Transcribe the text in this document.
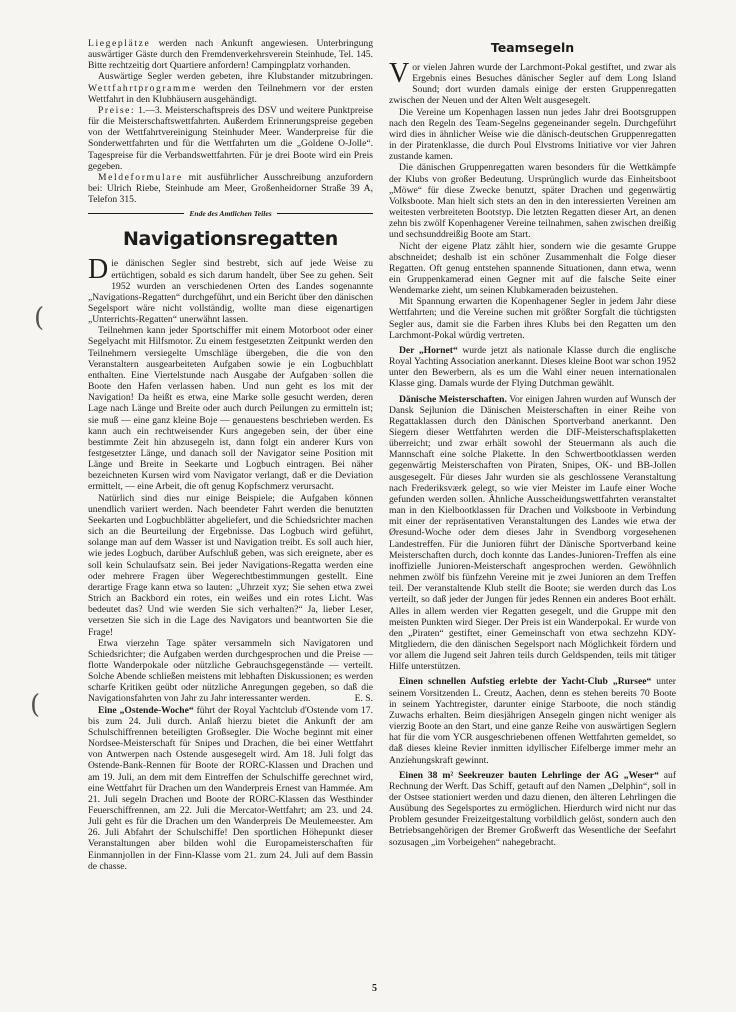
(
(

Liegeplätze werden nach Ankunft angewiesen. Unterbringung auswärtiger Gäste durch den Fremdenverkehrsverein Steinhude, Tel. 145. Bitte rechtzeitig dort Quartiere anfordern! Campingplatz vorhanden.

Auswärtige Segler werden gebeten, ihre Klubstander mitzubringen. Wettfahrtprogramme werden den Teilnehmern vor der ersten Wettfahrt in den Klubhäusern ausgehändigt.

Preise: 1.—3. Meisterschaftspreis des DSV und weitere Punktpreise für die Meisterschaftswettfahrten. Außerdem Erinnerungspreise gegeben von der Wettfahrtvereinigung Steinhuder Meer. Wanderpreise für die Sonderwettfahrten und für die Wettfahrten um die „Goldene O-Jolle“. Tagespreise für die Verbandswettfahrten. Für je drei Boote wird ein Preis gegeben.

Meldeformulare mit ausführlicher Ausschreibung anzufordern bei: Ulrich Riebe, Steinhude am Meer, Großenheidorner Straße 39 A, Telefon 315.

Ende des Amtlichen Teiles
Navigationsregatten

Die dänischen Segler sind bestrebt, sich auf jede Weise zu ertüchtigen, sobald es sich darum handelt, über See zu gehen. Seit 1952 wurden an verschiedenen Orten des Landes sogenannte „Navigations-Regatten“ durchgeführt, und ein Bericht über den dänischen Segelsport wäre nicht vollständig, wollte man diese eigenartigen „Unterrichts-Regatten“ unerwähnt lassen.

Teilnehmen kann jeder Sportschiffer mit einem Motorboot oder einer Segelyacht mit Hilfsmotor. Zu einem festgesetzten Zeitpunkt werden den Teilnehmern versiegelte Umschläge übergeben, die die von den Veranstaltern ausgearbeiteten Aufgaben sowie je ein Logbuchblatt enthalten. Eine Viertelstunde nach Ausgabe der Aufgaben sollen die Boote den Hafen verlassen haben. Und nun geht es los mit der Navigation! Da heißt es etwa, eine Marke solle gesucht werden, deren Lage nach Länge und Breite oder auch durch Peilungen zu ermitteln ist; sie muß — eine ganz kleine Boje — genauestens beschrieben werden. Es kann auch ein rechtweisender Kurs angegeben sein, der über eine bestimmte Zeit hin abzusegeln ist, dann folgt ein anderer Kurs von festgesetzter Länge, und danach soll der Navigator seine Position mit Länge und Breite in Seekarte und Logbuch eintragen. Bei näher bezeichneten Kursen wird vom Navigator verlangt, daß er die Deviation ermittelt, — eine Arbeit, die oft genug Kopfschmerz verursacht.

Natürlich sind dies nur einige Beispiele; die Aufgaben können unendlich variiert werden. Nach beendeter Fahrt werden die benutzten Seekarten und Logbuchblätter abgeliefert, und die Schiedsrichter machen sich an die Beurteilung der Ergebnisse. Das Logbuch wird geführt, solange man auf dem Wasser ist und Navigation treibt. Es soll auch hier, wie jedes Logbuch, darüber Aufschluß geben, was sich ereignete, aber es soll kein Schulaufsatz sein. Bei jeder Navigations-Regatta werden eine oder mehrere Fragen über Wegerechtbestimmungen gestellt. Eine derartige Frage kann etwa so lauten: „Uhrzeit xyz; Sie sehen etwa zwei Strich an Backbord ein rotes, ein weißes und ein rotes Licht. Was bedeutet das? Und wie werden Sie sich verhalten?“ Ja, lieber Leser, versetzen Sie sich in die Lage des Navigators und beantworten Sie die Frage!

Etwa vierzehn Tage später versammeln sich Navigatoren und Schiedsrichter; die Aufgaben werden durchgesprochen und die Preise — flotte Wanderpokale oder nützliche Gebrauchsgegenstände — verteilt. Solche Abende schließen meistens mit lebhaften Diskussionen; es werden scharfe Kritiken geübt oder nützliche Anregungen gegeben, so daß die Navigationsfahrten von Jahr zu Jahr interessanter werden.	E. S.

Eine „Ostende-Woche“ führt der Royal Yachtclub d'Ostende vom 17. bis zum 24. Juli durch. Anlaß hierzu bietet die Ankunft der am Schulschiffrennen beteiligten Großsegler. Die Woche beginnt mit einer Nordsee-Meisterschaft für Snipes und Drachen, die bei einer Wettfahrt von Antwerpen nach Ostende ausgesegelt wird. Am 18. Juli folgt das Ostende-Bank-Rennen für Boote der RORC-Klassen und Drachen und am 19. Juli, an dem mit dem Eintreffen der Schulschiffe gerechnet wird, eine Wettfahrt für Drachen um den Wanderpreis Ernest van Hammée. Am 21. Juli segeln Drachen und Boote der RORC-Klassen das Westhinder Feuerschiffrennen, am 22. Juli die Mercator-Wettfahrt; am 23. und 24. Juli geht es für die Drachen um den Wanderpreis De Meulemeester. Am 26. Juli Abfahrt der Schulschiffe! Den sportlichen Höhepunkt dieser Veranstaltungen aber bilden wohl die Europameisterschaften für Einmannjollen in der Finn-Klasse vom 21. zum 24. Juli auf dem Bassin de chasse.

Teamsegeln

Vor vielen Jahren wurde der Larchmont-Pokal gestiftet, und zwar als Ergebnis eines Besuches dänischer Segler auf dem Long Island Sound; dort wurden damals einige der ersten Gruppenregatten zwischen der Neuen und der Alten Welt ausgesegelt.

Die Vereine um Kopenhagen lassen nun jedes Jahr drei Bootsgruppen nach den Regeln des Team-Segelns gegeneinander segeln. Durchgeführt wird dies in ähnlicher Weise wie die dänisch-deutschen Gruppenregatten in der Piratenklasse, die durch Poul Elvstroms Initiative vor vier Jahren zustande kamen.

Die dänischen Gruppenregatten waren besonders für die Wettkämpfe der Klubs von großer Bedeutung. Ursprünglich wurde das Einheitsboot „Möwe“ für diese Zwecke benutzt, später Drachen und gegenwärtig Volksboote. Man hielt sich stets an den in den interessierten Vereinen am weitesten verbreiteten Bootstyp. Die letzten Regatten dieser Art, an denen zehn bis zwölf Kopenhagener Vereine teilnahmen, sahen zwischen dreißig und sechsunddreißig Boote am Start.

Nicht der eigene Platz zählt hier, sondern wie die gesamte Gruppe abschneidet; deshalb ist ein schöner Zusammenhalt die Folge dieser Regatten. Oft genug entstehen spannende Situationen, dann etwa, wenn ein Gruppenkamerad einen Gegner mit auf die falsche Seite einer Wendemarke zieht, um seinen Klubkameraden beizustehen.

Mit Spannung erwarten die Kopenhagener Segler in jedem Jahr diese Wettfahrten; und die Vereine suchen mit größter Sorgfalt die tüchtigsten Segler aus, damit sie die Farben ihres Klubs bei den Regatten um den Larchmont-Pokal würdig vertreten.

Der „Hornet“ wurde jetzt als nationale Klasse durch die englische Royal Yachting Association anerkannt. Dieses kleine Boot war schon 1952 unter den Bewerbern, als es um die Wahl einer neuen internationalen Klasse ging. Damals wurde der Flying Dutchman gewählt.

Dänische Meisterschaften. Vor einigen Jahren wurden auf Wunsch der Dansk Sejlunion die Dänischen Meisterschaften in einer Reihe von Regattaklassen durch den Dänischen Sportverband anerkannt. Den Siegern dieser Wettfahrten werden die DIF-Meisterschaftsplaketten überreicht; und zwar erhält sowohl der Steuermann als auch die Mannschaft eine solche Plakette. In den Schwertbootklassen werden gegenwärtig Meisterschaften von Piraten, Snipes, OK- und BB-Jollen ausgesegelt. Für dieses Jahr wurden sie als geschlossene Veranstaltung nach Frederiksværk gelegt, so wie vier Meister im Laufe einer Woche gefunden werden sollen. Ähnliche Ausscheidungswettfahrten veranstaltet man in den Kielbootklassen für Drachen und Volksboote in Verbindung mit einer der repräsentativen Veranstaltungen des Landes wie etwa der Øresund-Woche oder dem dieses Jahr in Svendborg vorgesehenen Landestreffen. Für die Junioren führt der Dänische Sportverband keine Meisterschaften durch, doch konnte das Landes-Junioren-Treffen als eine inoffizielle Junioren-Meisterschaft angesprochen werden. Gewöhnlich nehmen zwölf bis fünfzehn Vereine mit je zwei Junioren an dem Treffen teil. Der veranstaltende Klub stellt die Boote; sie werden durch das Los verteilt, so daß jeder der Jungen für jedes Rennen ein anderes Boot erhält. Alles in allem werden vier Regatten gesegelt, und die Gruppe mit den meisten Punkten wird Sieger. Der Preis ist ein Wanderpokal. Er wurde von den „Piraten“ gestiftet, einer Gemeinschaft von etwa sechzehn KDY-Mitgliedern, die den dänischen Segelsport nach Möglichkeit fördern und vor allem die Jugend seit Jahren teils durch Geldspenden, teils mit tätiger Hilfe unterstützen.

Einen schnellen Aufstieg erlebte der Yacht-Club „Rursee“ unter seinem Vorsitzenden L. Creutz, Aachen, denn es stehen bereits 70 Boote in seinem Yachtregister, darunter einige Starboote, die noch ständig Zuwachs erhalten. Beim diesjährigen Ansegeln gingen nicht weniger als vierzig Boote an den Start, und eine ganze Reihe von auswärtigen Seglern hat für die vom YCR ausgeschriebenen offenen Wettfahrten gemeldet, so daß dieses kleine Revier inmitten idyllischer Eifelberge immer mehr an Anziehungskraft gewinnt.

Einen 38 m² Seekreuzer bauten Lehrlinge der AG „Weser“ auf Rechnung der Werft. Das Schiff, getauft auf den Namen „Delphin“, soll in der Ostsee stationiert werden und dazu dienen, den älteren Lehrlingen die Ausübung des Segelsportes zu ermöglichen. Hierdurch wird nicht nur das Problem gesunder Freizeitgestaltung vorbildlich gelöst, sondern auch den Betriebsangehörigen der Bremer Großwerft das Wesentliche der Seefahrt sozusagen „im Vorbeigehen“ nahegebracht.

5
